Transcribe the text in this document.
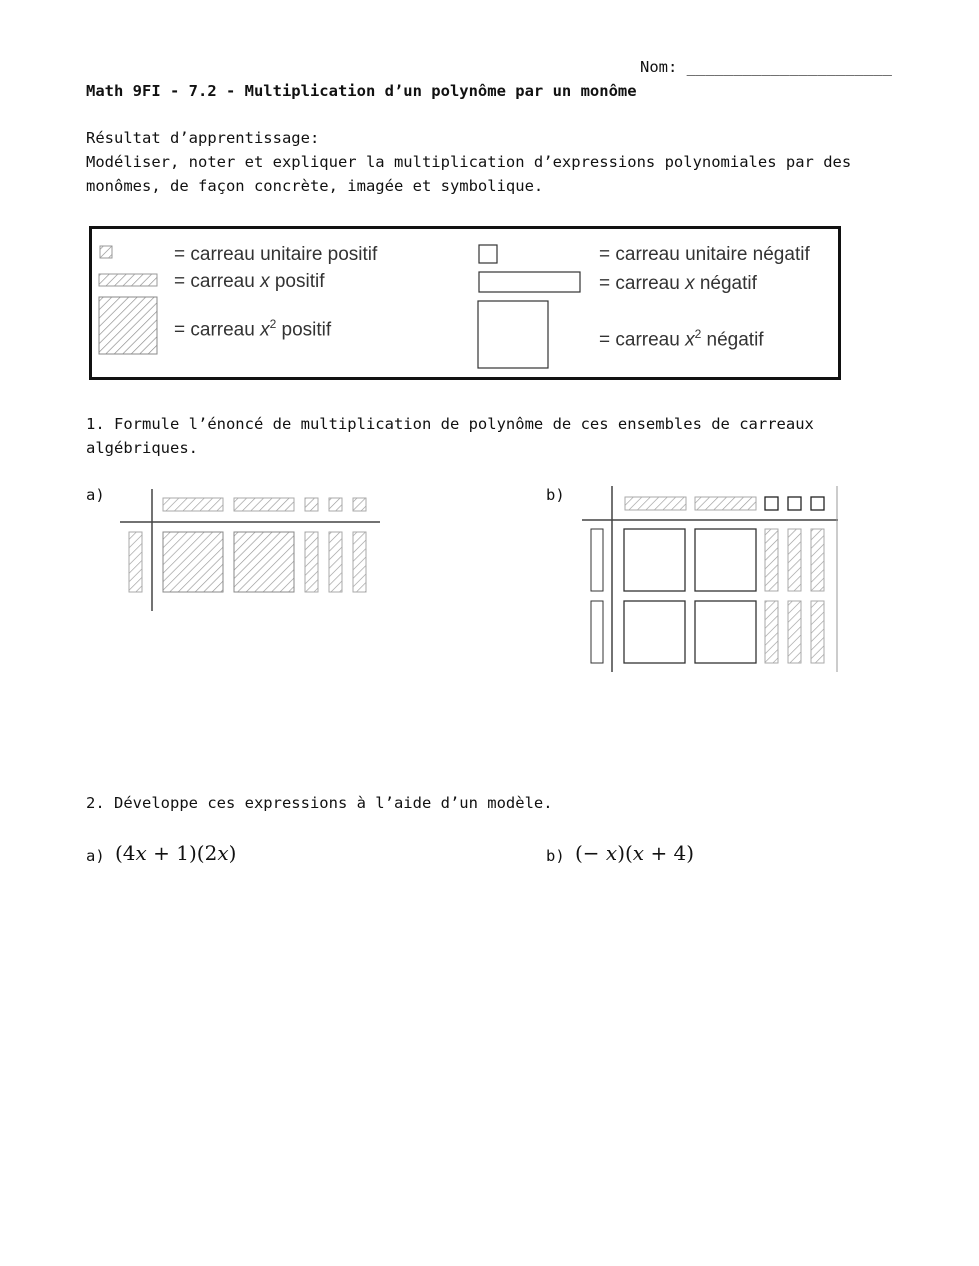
Nom: ______________________
Math 9FI - 7.2 - Multiplication d’un polynôme par un monôme
Résultat d’apprentissage:
Modéliser, noter et expliquer la multiplication d’expressions polynomiales par des
monômes, de façon concrète, imagée et symbolique.
= carreau unitaire positif
= carreau x positif
= carreau $x^2$ positif
= carreau unitaire négatif
= carreau x négatif
= carreau $x^2$ négatif
1. Formule l’énoncé de multiplication de polynôme de ces ensembles de carreaux
algébriques.
a)	b)
2. Développe ces expressions à l’aide d’un modèle.
a) (4𝑥 + 1)(2𝑥)	b) (− 𝑥)(𝑥 + 4)
